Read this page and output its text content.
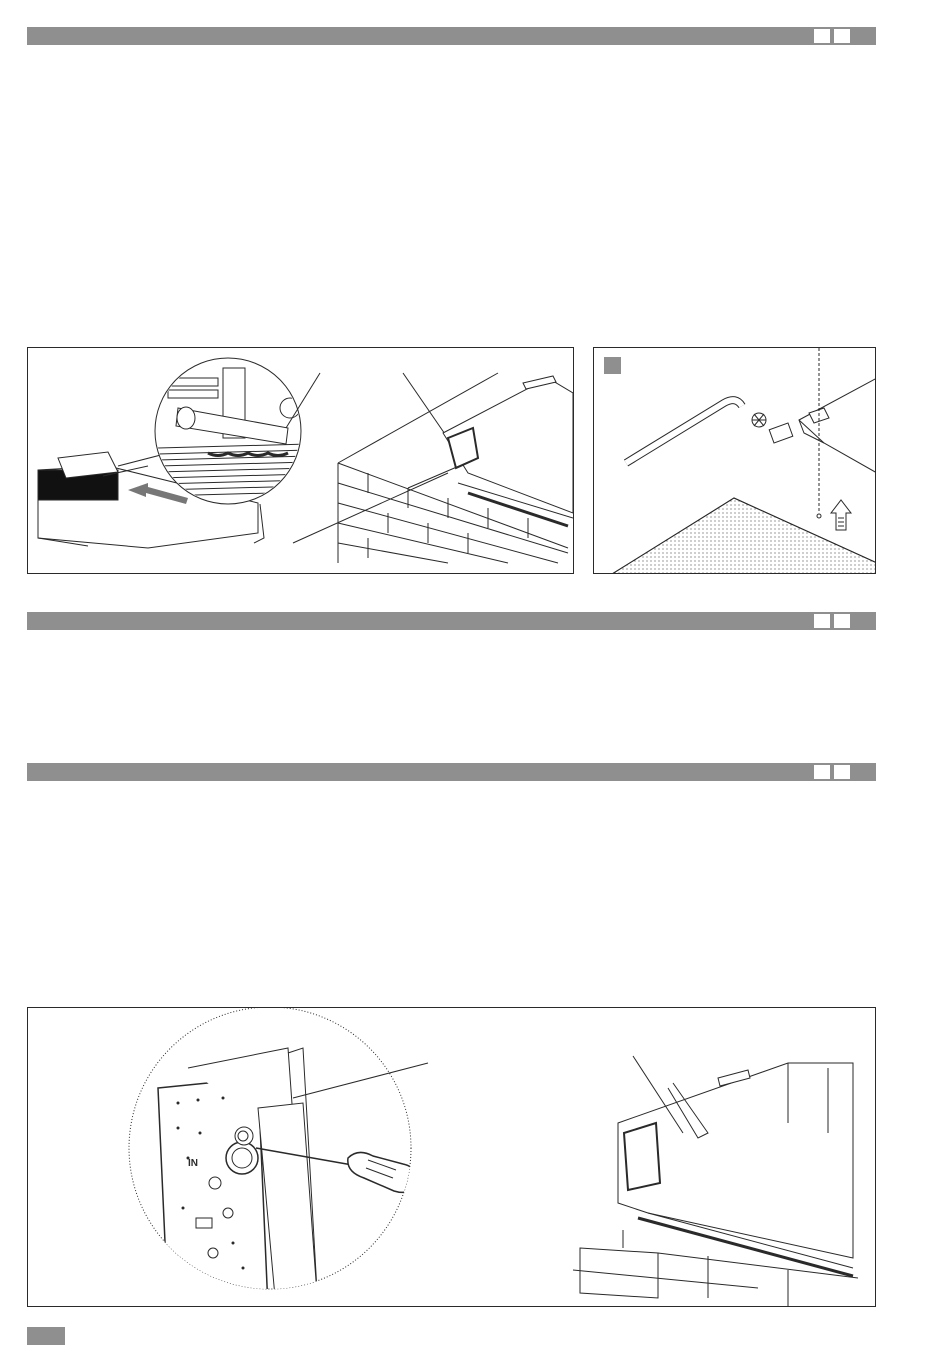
IN
